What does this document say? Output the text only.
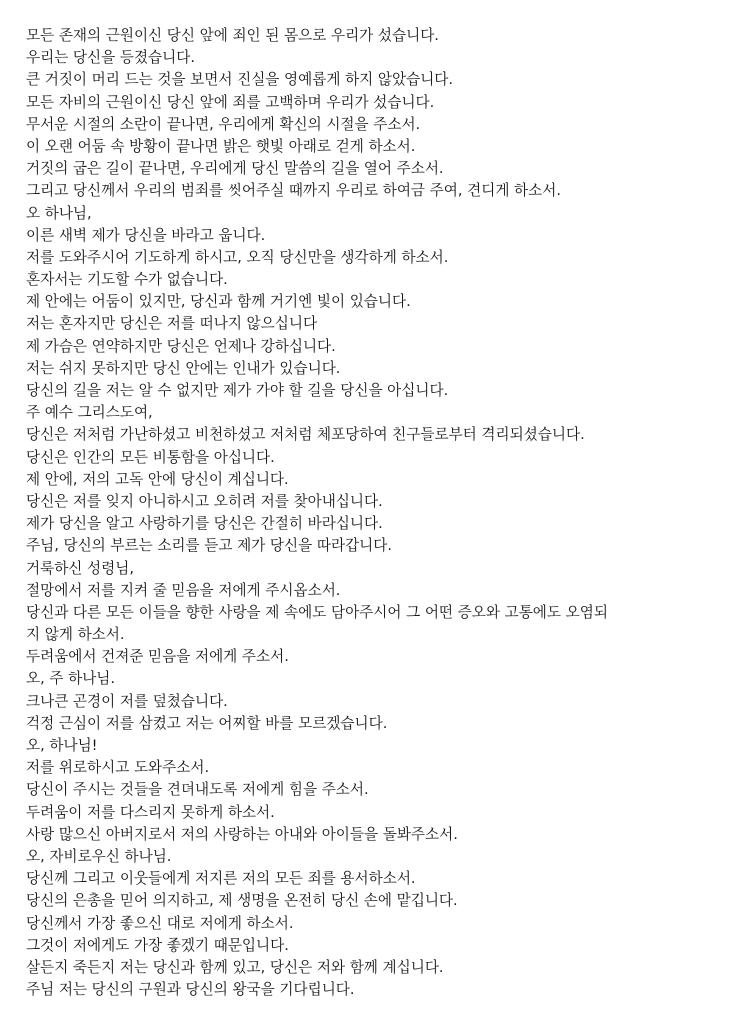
모든 존재의 근원이신 당신 앞에 죄인 된 몸으로 우리가 섰습니다.
우리는 당신을 등졌습니다.
큰 거짓이 머리 드는 것을 보면서 진실을 영예롭게 하지 않았습니다.
모든 자비의 근원이신 당신 앞에 죄를 고백하며 우리가 섰습니다.
무서운 시절의 소란이 끝나면, 우리에게 확신의 시절을 주소서.
이 오랜 어둠 속 방황이 끝나면 밝은 햇빛 아래로 걷게 하소서.
거짓의 굽은 길이 끝나면, 우리에게 당신 말씀의 길을 열어 주소서.
그리고 당신께서 우리의 범죄를 씻어주실 때까지 우리로 하여금 주여, 견디게 하소서.
오 하나님,
이른 새벽 제가 당신을 바라고 웁니다.
저를 도와주시어 기도하게 하시고, 오직 당신만을 생각하게 하소서.
혼자서는 기도할 수가 없습니다.
제 안에는 어둠이 있지만, 당신과 함께 거기엔 빛이 있습니다.
저는 혼자지만 당신은 저를 떠나지 않으십니다
제 가슴은 연약하지만 당신은 언제나 강하십니다.
저는 쉬지 못하지만 당신 안에는 인내가 있습니다.
당신의 길을 저는 알 수 없지만 제가 가야 할 길을 당신을 아십니다.
주 예수 그리스도여,
당신은 저처럼 가난하셨고 비천하셨고 저처럼 체포당하여 친구들로부터 격리되셨습니다.
당신은 인간의 모든 비통함을 아십니다.
제 안에, 저의 고독 안에 당신이 계십니다.
당신은 저를 잊지 아니하시고 오히려 저를 찾아내십니다.
제가 당신을 알고 사랑하기를 당신은 간절히 바라십니다.
주님, 당신의 부르는 소리를 듣고 제가 당신을 따라갑니다.
거룩하신 성령님,
절망에서 저를 지켜 줄 믿음을 저에게 주시옵소서.
당신과 다른 모든 이들을 향한 사랑을 제 속에도 담아주시어 그 어떤 증오와 고통에도 오염되
지 않게 하소서.
두려움에서 건져준 믿음을 저에게 주소서.
오, 주 하나님.
크나큰 곤경이 저를 덮쳤습니다.
걱정 근심이 저를 삼켰고 저는 어찌할 바를 모르겠습니다.
오, 하나님!
저를 위로하시고 도와주소서.
당신이 주시는 것들을 견뎌내도록 저에게 힘을 주소서.
두려움이 저를 다스리지 못하게 하소서.
사랑 많으신 아버지로서 저의 사랑하는 아내와 아이들을 돌봐주소서.
오, 자비로우신 하나님.
당신께 그리고 이웃들에게 저지른 저의 모든 죄를 용서하소서.
당신의 은총을 믿어 의지하고, 제 생명을 온전히 당신 손에 맡깁니다.
당신께서 가장 좋으신 대로 저에게 하소서.
그것이 저에게도 가장 좋겠기 때문입니다.
살든지 죽든지 저는 당신과 함께 있고, 당신은 저와 함께 계십니다.
주님 저는 당신의 구원과 당신의 왕국을 기다립니다.
